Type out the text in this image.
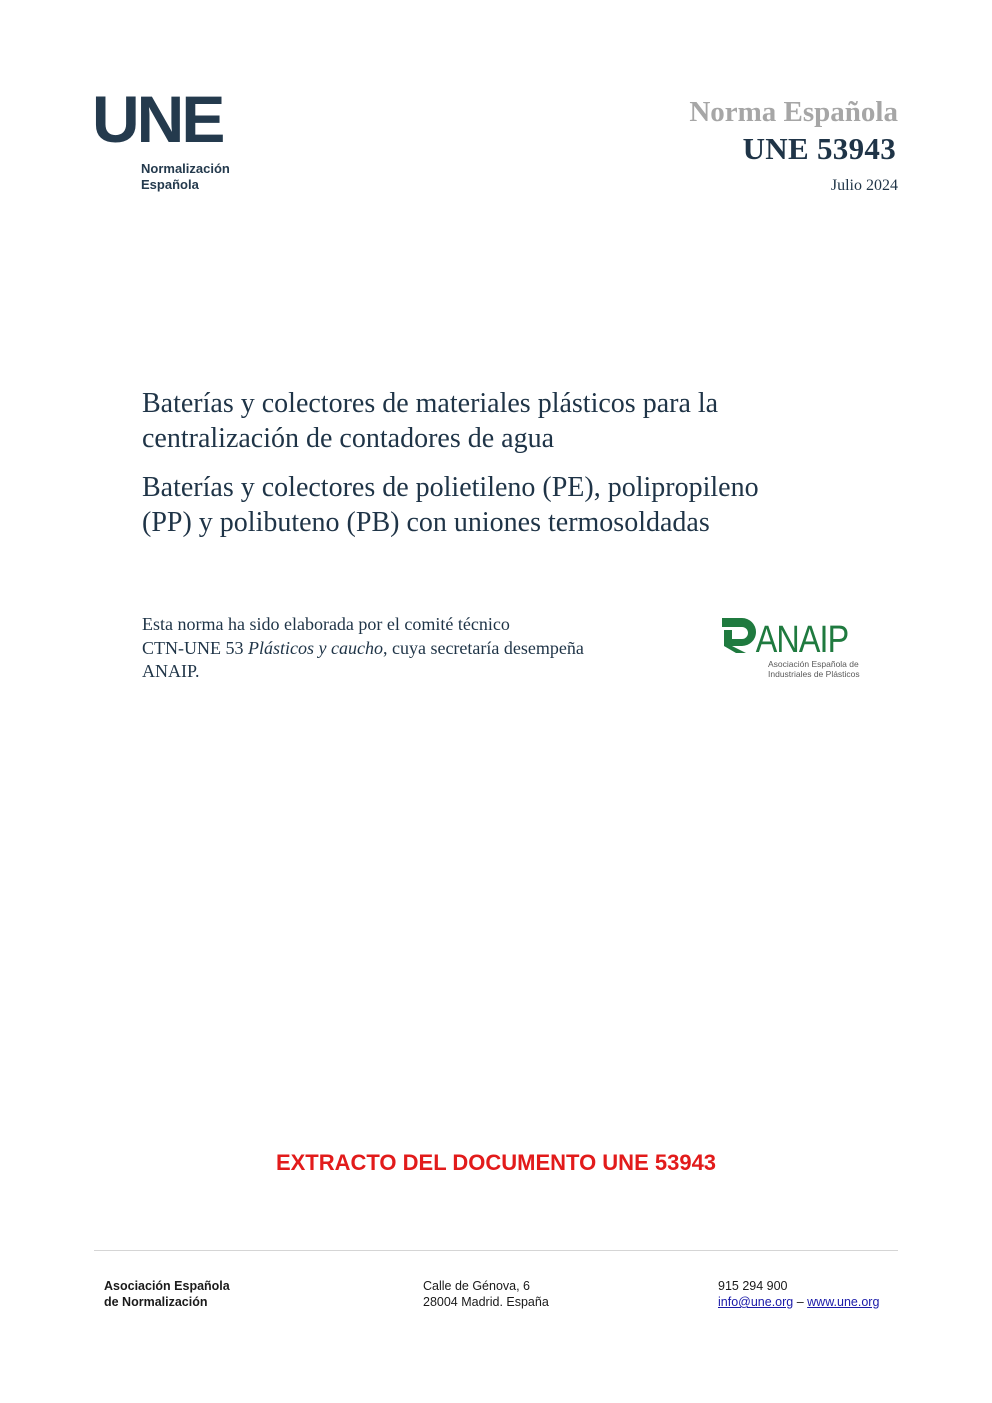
UNE
Normalización
Española
Norma Española
UNE 53943
Julio 2024
Baterías y colectores de materiales plásticos para la
centralización de contadores de agua
Baterías y colectores de polietileno (PE), polipropileno
(PP) y polibuteno (PB) con uniones termosoldadas
Esta norma ha sido elaborada por el comité técnico
CTN-UNE 53 Plásticos y caucho, cuya secretaría desempeña
ANAIP.
ANAIP
Asociación Española de
Industriales de Plásticos
EXTRACTO DEL DOCUMENTO UNE 53943
Asociación Española
de Normalización
Calle de Génova, 6
28004 Madrid. España
915 294 900
info@une.org – www.une.org
